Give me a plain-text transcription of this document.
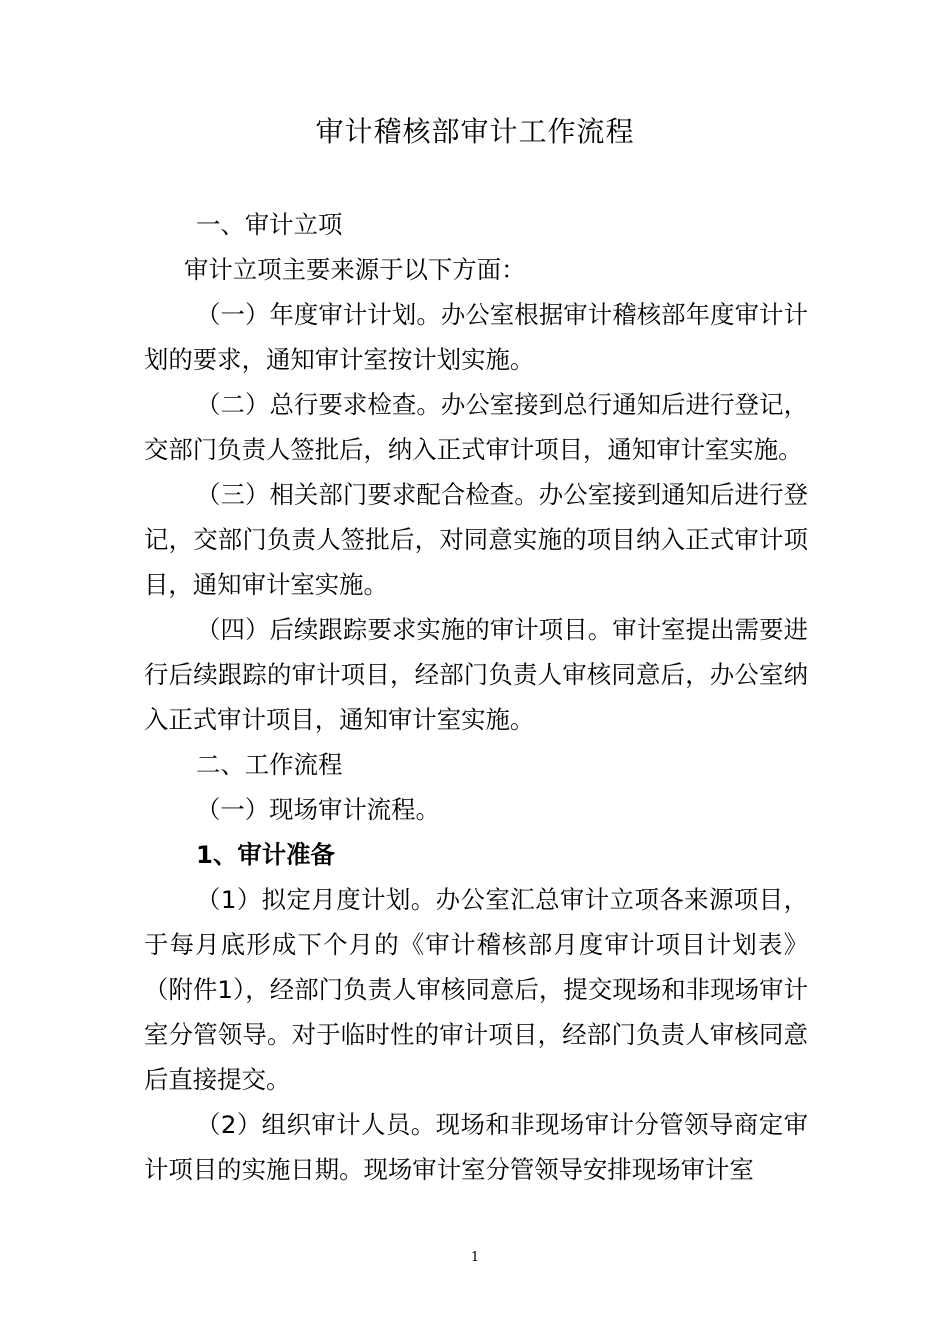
审计稽核部审计工作流程

一、审计立项

审计立项主要来源于以下方面：

（一）年度审计计划。办公室根据审计稽核部年度审计计划的要求，通知审计室按计划实施。

（二）总行要求检查。办公室接到总行通知后进行登记，交部门负责人签批后，纳入正式审计项目，通知审计室实施。

（三）相关部门要求配合检查。办公室接到通知后进行登记，交部门负责人签批后，对同意实施的项目纳入正式审计项目，通知审计室实施。

（四）后续跟踪要求实施的审计项目。审计室提出需要进行后续跟踪的审计项目，经部门负责人审核同意后，办公室纳入正式审计项目，通知审计室实施。

二、工作流程

（一）现场审计流程。

1、审计准备

（1）拟定月度计划。办公室汇总审计立项各来源项目，于每月底形成下个月的《审计稽核部月度审计项目计划表》（附件1），经部门负责人审核同意后，提交现场和非现场审计室分管领导。对于临时性的审计项目，经部门负责人审核同意后直接提交。

（2）组织审计人员。现场和非现场审计分管领导商定审计项目的实施日期。现场审计室分管领导安排现场审计室

1
